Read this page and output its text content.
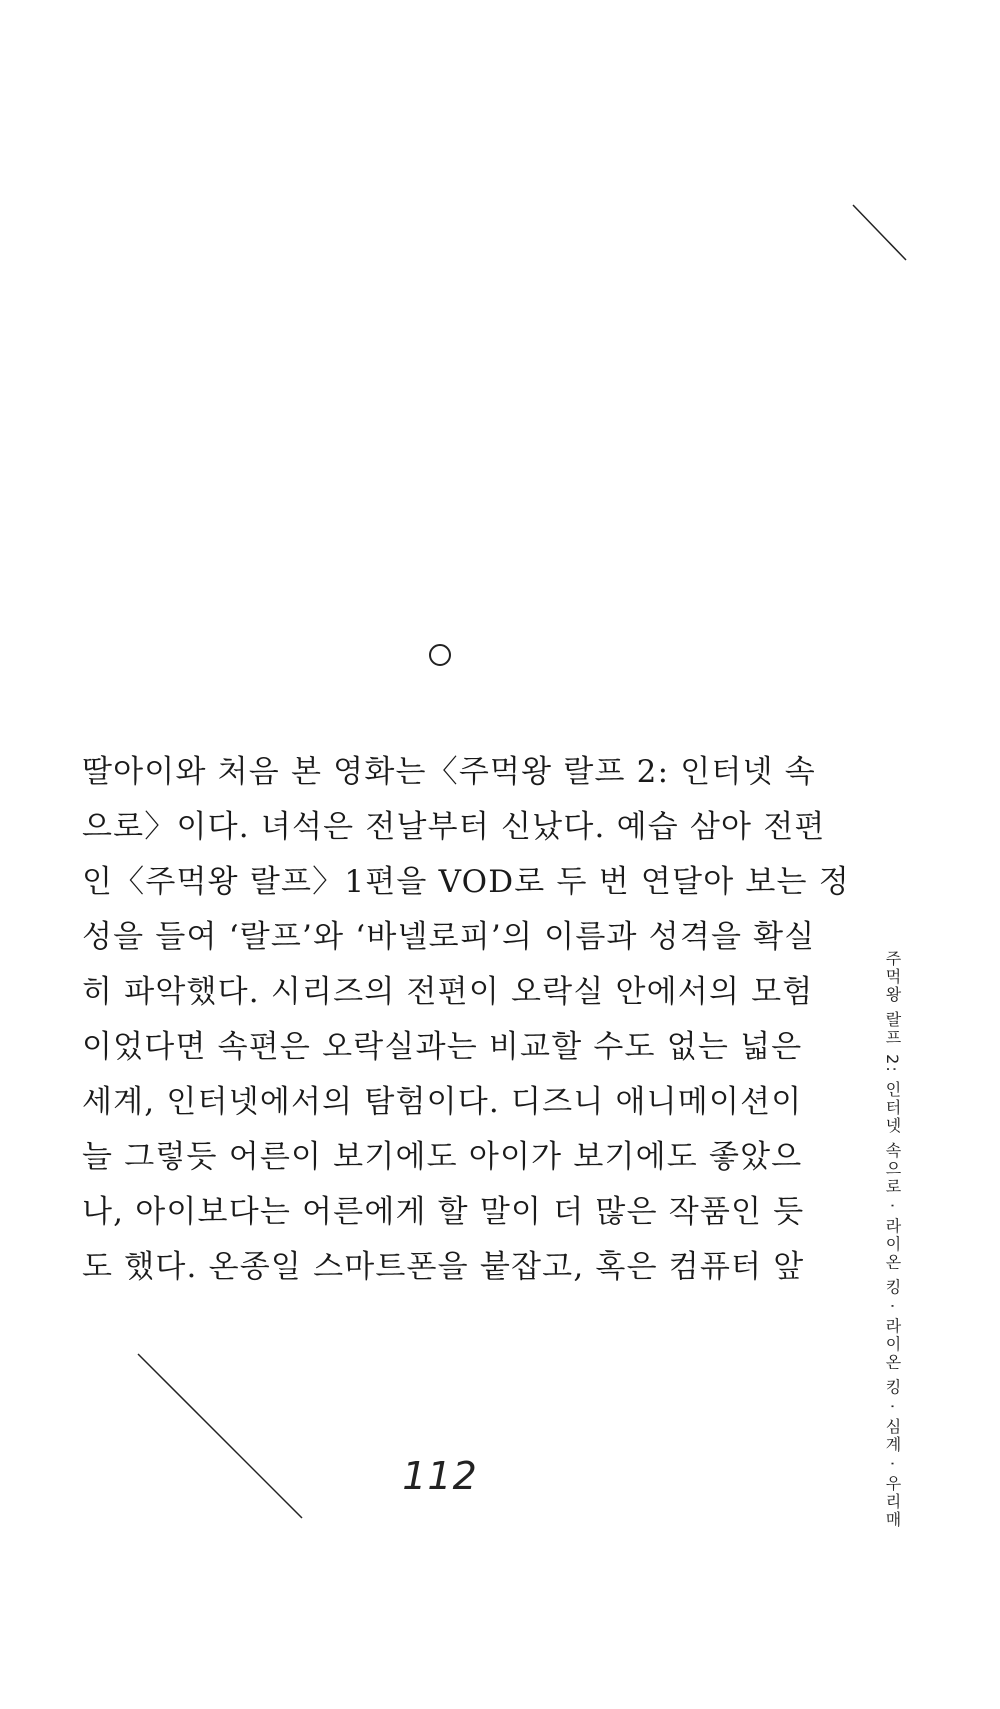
딸아이와 처음 본 영화는〈주먹왕 랄프 2: 인터넷 속
으로〉이다. 녀석은 전날부터 신났다. 예습 삼아 전편
인〈주먹왕 랄프〉1편을 VOD로 두 번 연달아 보는 정
성을 들여 ‘랄프’와 ‘바넬로피’의 이름과 성격을 확실
히 파악했다. 시리즈의 전편이 오락실 안에서의 모험
이었다면 속편은 오락실과는 비교할 수도 없는 넓은
세계, 인터넷에서의 탐험이다. 디즈니 애니메이션이
늘 그렇듯 어른이 보기에도 아이가 보기에도 좋았으
나, 아이보다는 어른에게 할 말이 더 많은 작품인 듯
도 했다. 온종일 스마트폰을 붙잡고, 혹은 컴퓨터 앞
112	주먹왕 랄프 2: 인터넷 속으로 · 라이온 킹 · 라이온 킹 · 심계 · 우리매
